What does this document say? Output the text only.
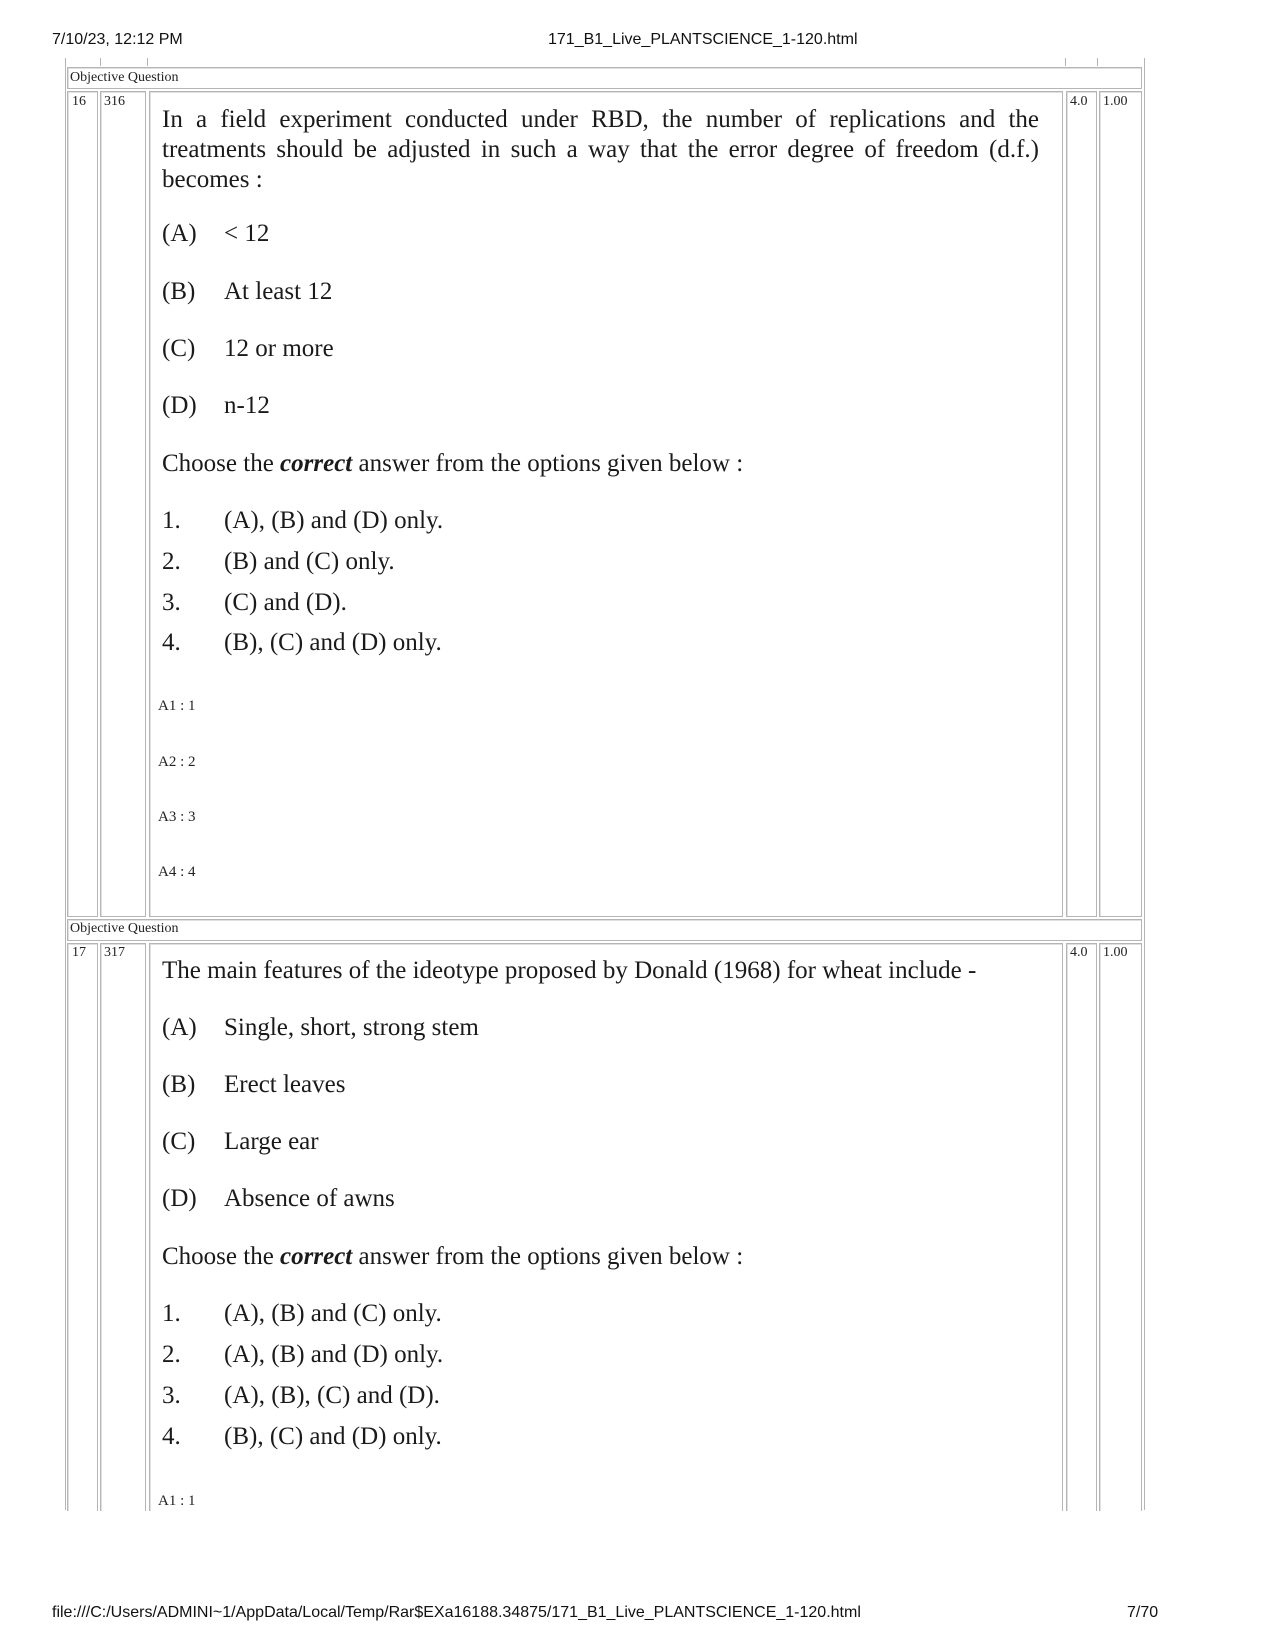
7/10/23, 12:12 PM	171_B1_Live_PLANTSCIENCE_1-120.html
Objective Question
16 316	4.0 1.00
In a field experiment conducted under RBD, the number of replications and the treatments should be adjusted in such a way that the error degree of freedom (d.f.) becomes :
(A) < 12
(B) At least 12
(C) 12 or more
(D) n-12
Choose the correct answer from the options given below :
1. (A), (B) and (D) only.
2. (B) and (C) only.
3. (C) and (D).
4. (B), (C) and (D) only.
A1 : 1
A2 : 2
A3 : 3
A4 : 4
Objective Question
17 317	4.0 1.00
The main features of the ideotype proposed by Donald (1968) for wheat include -
(A) Single, short, strong stem
(B) Erect leaves
(C) Large ear
(D) Absence of awns
Choose the correct answer from the options given below :
1. (A), (B) and (C) only.
2. (A), (B) and (D) only.
3. (A), (B), (C) and (D).
4. (B), (C) and (D) only.
A1 : 1
file:///C:/Users/ADMINI~1/AppData/Local/Temp/Rar$EXa16188.34875/171_B1_Live_PLANTSCIENCE_1-120.html	7/70
